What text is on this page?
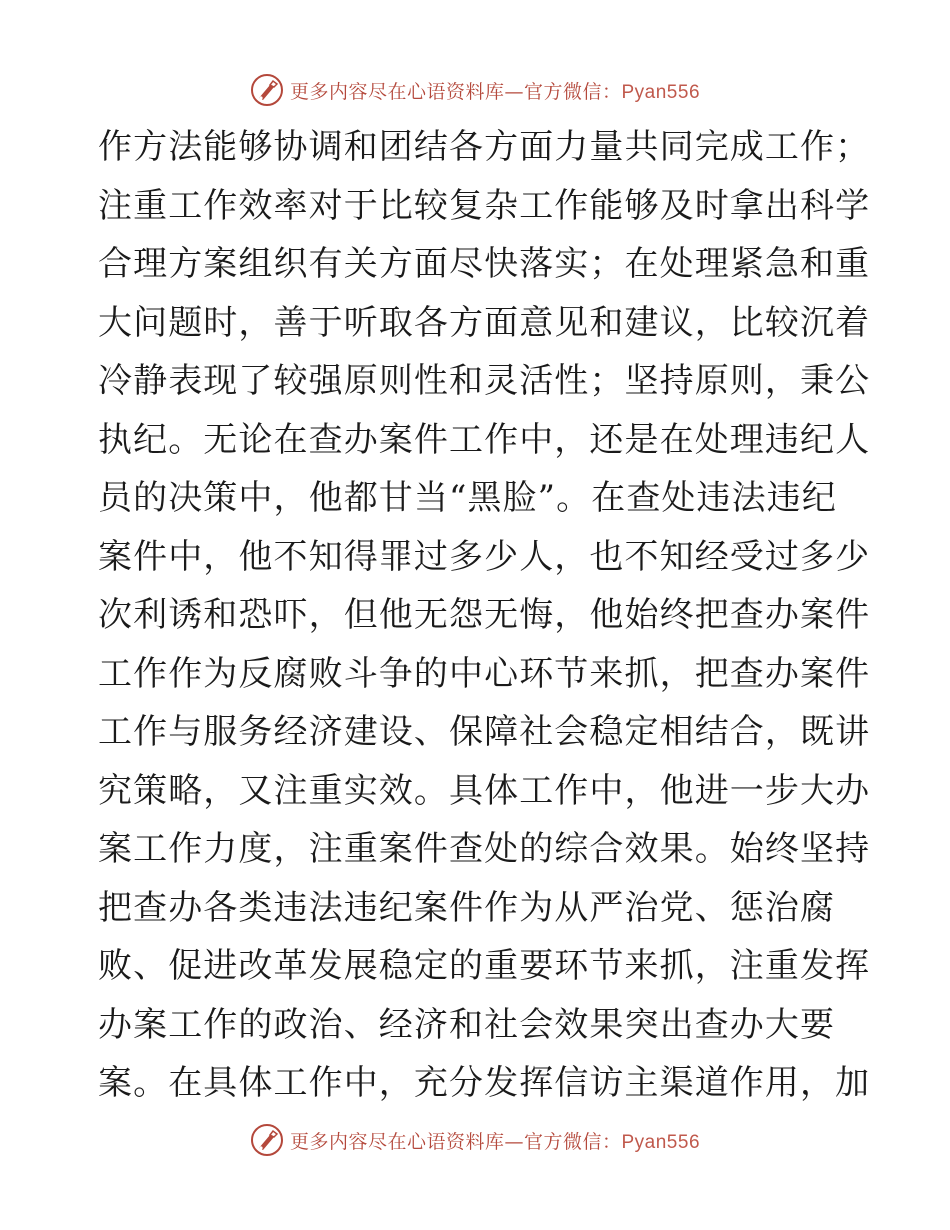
更多内容尽在心语资料库—官方微信：Pyan556
作方法能够协调和团结各方面力量共同完成工作；
注重工作效率对于比较复杂工作能够及时拿出科学
合理方案组织有关方面尽快落实；在处理紧急和重
大问题时，善于听取各方面意见和建议，比较沉着
冷静表现了较强原则性和灵活性；坚持原则，秉公
执纪。无论在查办案件工作中，还是在处理违纪人
员的决策中，他都甘当“黑脸”。在查处违法违纪
案件中，他不知得罪过多少人，也不知经受过多少
次利诱和恐吓，但他无怨无悔，他始终把查办案件
工作作为反腐败斗争的中心环节来抓，把查办案件
工作与服务经济建设、保障社会稳定相结合，既讲
究策略，又注重实效。具体工作中，他进一步大办
案工作力度，注重案件查处的综合效果。始终坚持
把查办各类违法违纪案件作为从严治党、惩治腐
败、促进改革发展稳定的重要环节来抓，注重发挥
办案工作的政治、经济和社会效果突出查办大要
案。在具体工作中，充分发挥信访主渠道作用，加
更多内容尽在心语资料库—官方微信：Pyan556
